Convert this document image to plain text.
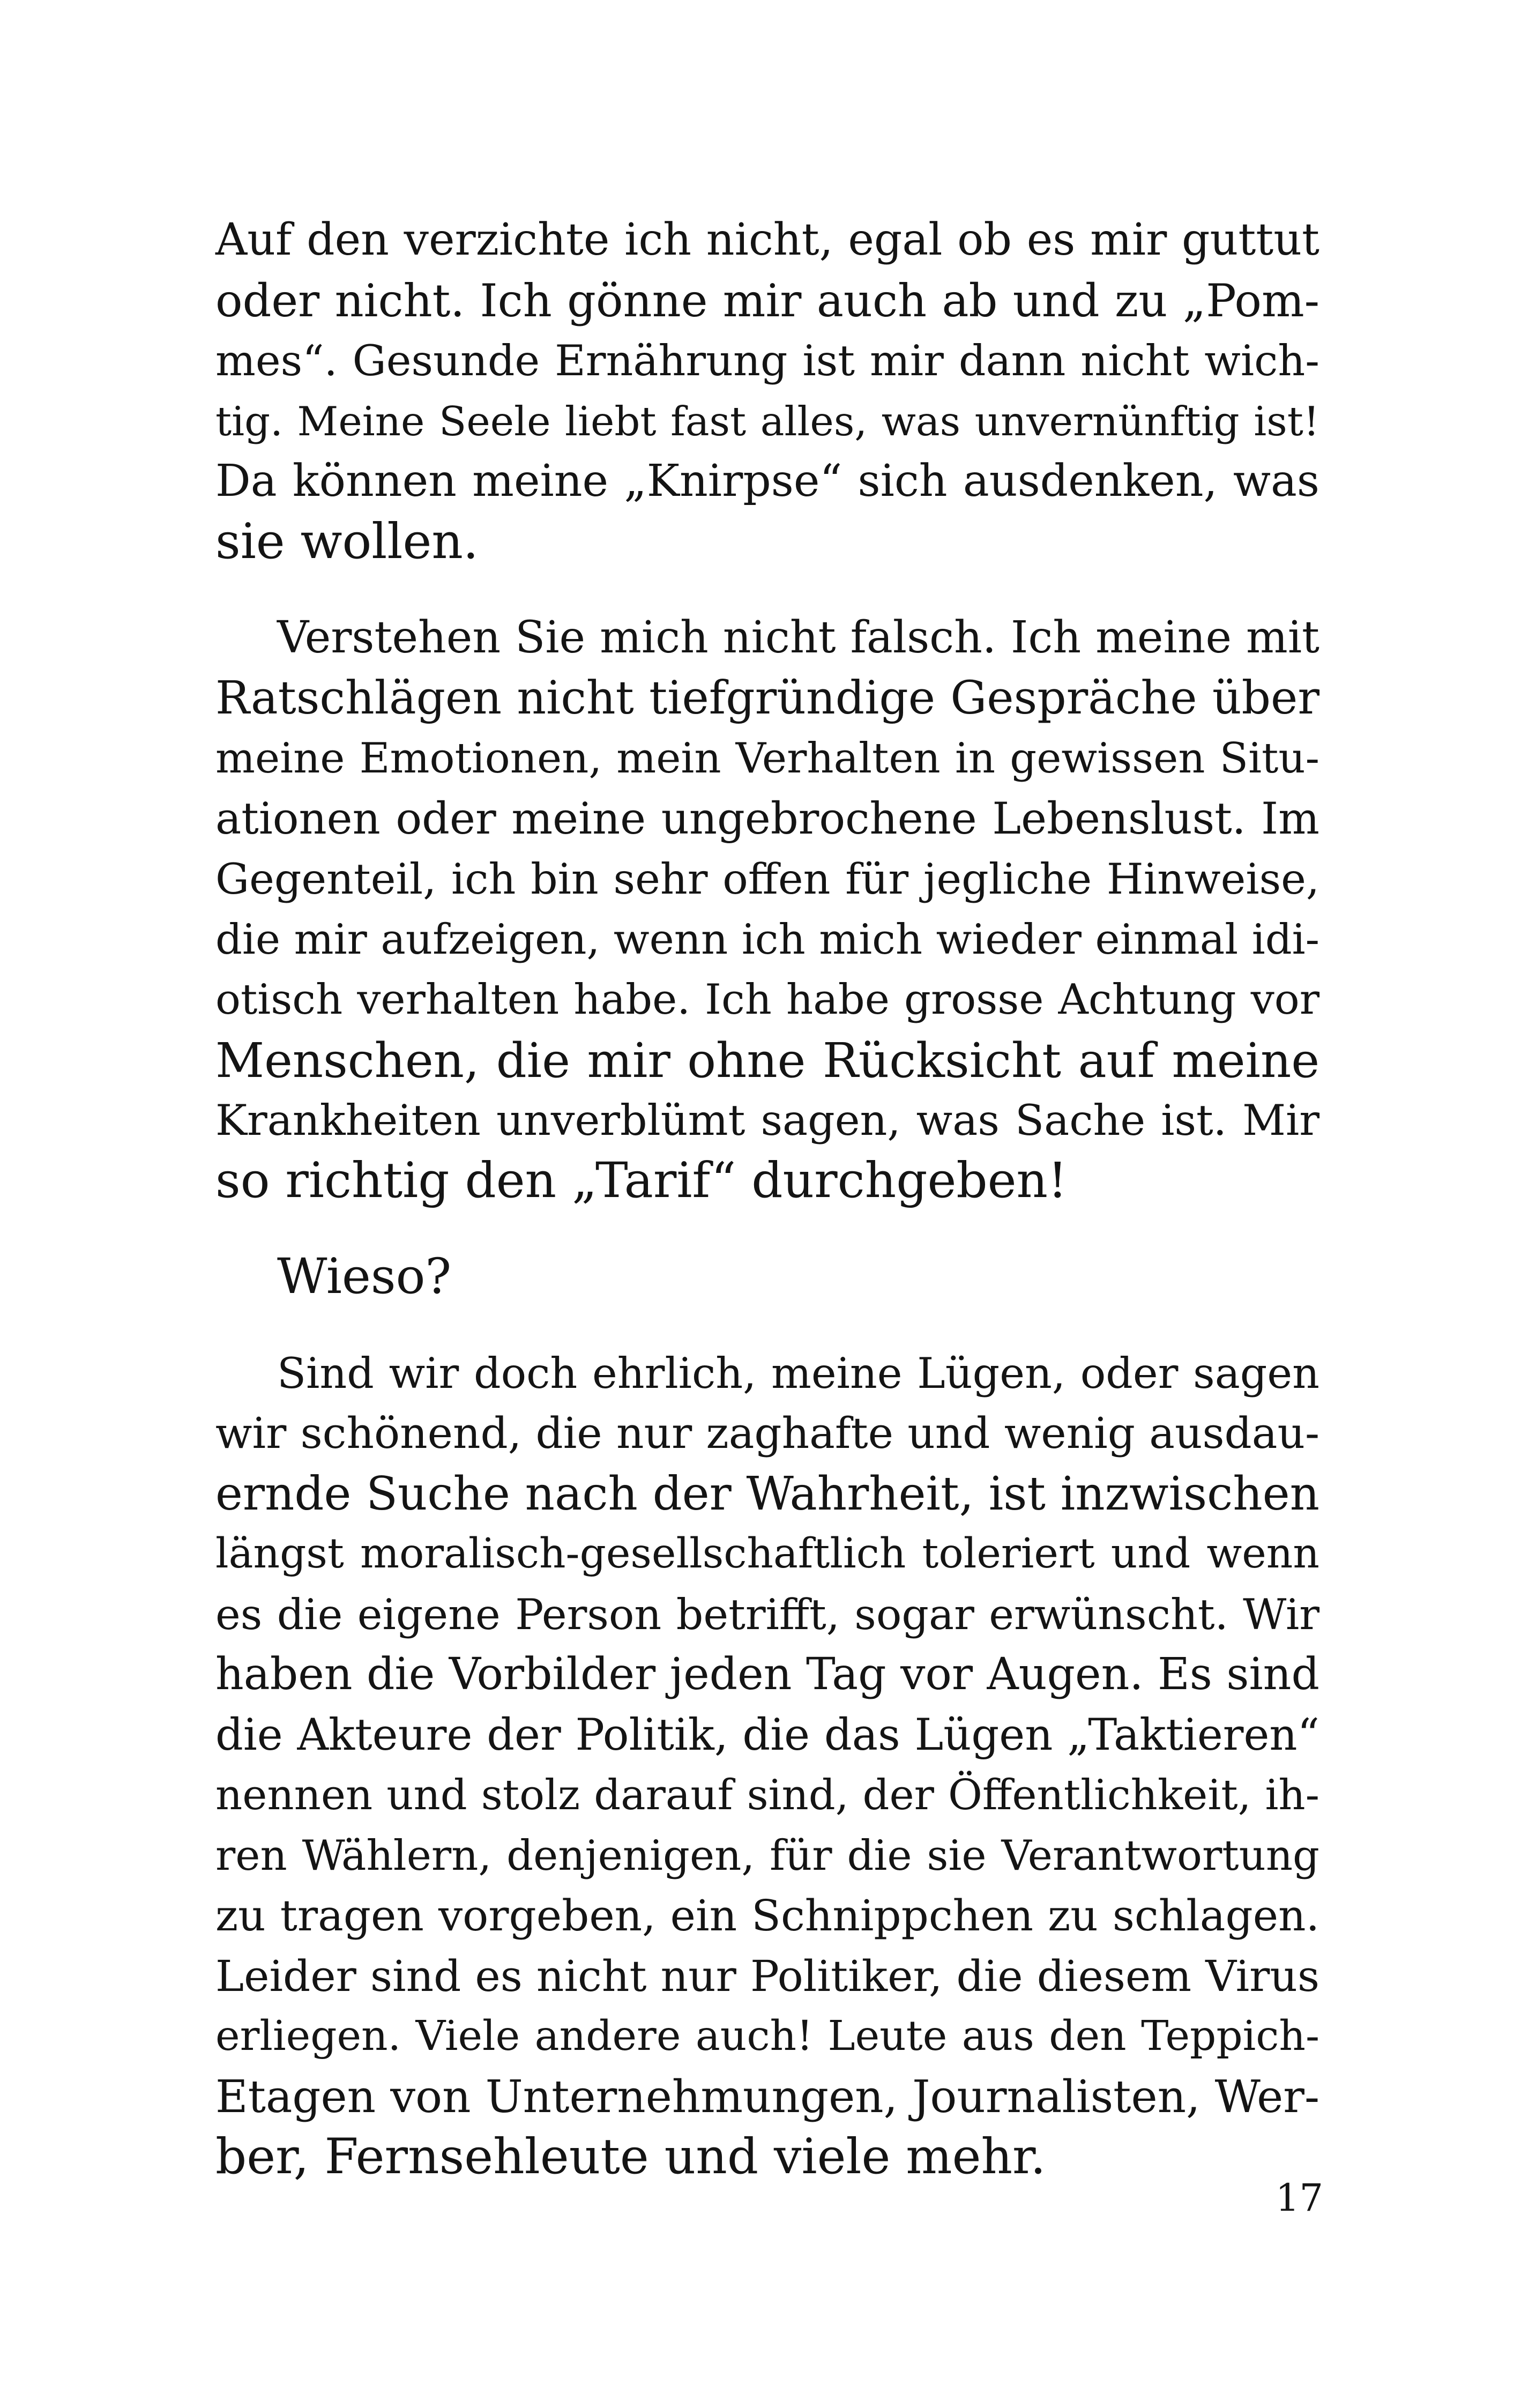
Auf den verzichte ich nicht, egal ob es mir guttut
oder nicht. Ich gönne mir auch ab und zu „Pom-
mes“. Gesunde Ernährung ist mir dann nicht wich-
tig. Meine Seele liebt fast alles, was unvernünftig ist!
Da können meine „Knirpse“ sich ausdenken, was
sie wollen.
Verstehen Sie mich nicht falsch. Ich meine mit
Ratschlägen nicht tiefgründige Gespräche über
meine Emotionen, mein Verhalten in gewissen Situ-
ationen oder meine ungebrochene Lebenslust. Im
Gegenteil, ich bin sehr offen für jegliche Hinweise,
die mir aufzeigen, wenn ich mich wieder einmal idi-
otisch verhalten habe. Ich habe grosse Achtung vor
Menschen, die mir ohne Rücksicht auf meine
Krankheiten unverblümt sagen, was Sache ist. Mir
so richtig den „Tarif“ durchgeben!
Wieso?
Sind wir doch ehrlich, meine Lügen, oder sagen
wir schönend, die nur zaghafte und wenig ausdau-
ernde Suche nach der Wahrheit, ist inzwischen
längst moralisch-gesellschaftlich toleriert und wenn
es die eigene Person betrifft, sogar erwünscht. Wir
haben die Vorbilder jeden Tag vor Augen. Es sind
die Akteure der Politik, die das Lügen „Taktieren“
nennen und stolz darauf sind, der Öffentlichkeit, ih-
ren Wählern, denjenigen, für die sie Verantwortung
zu tragen vorgeben, ein Schnippchen zu schlagen.
Leider sind es nicht nur Politiker, die diesem Virus
erliegen. Viele andere auch! Leute aus den Teppich-
Etagen von Unternehmungen, Journalisten, Wer-
ber, Fernsehleute und viele mehr.
17
